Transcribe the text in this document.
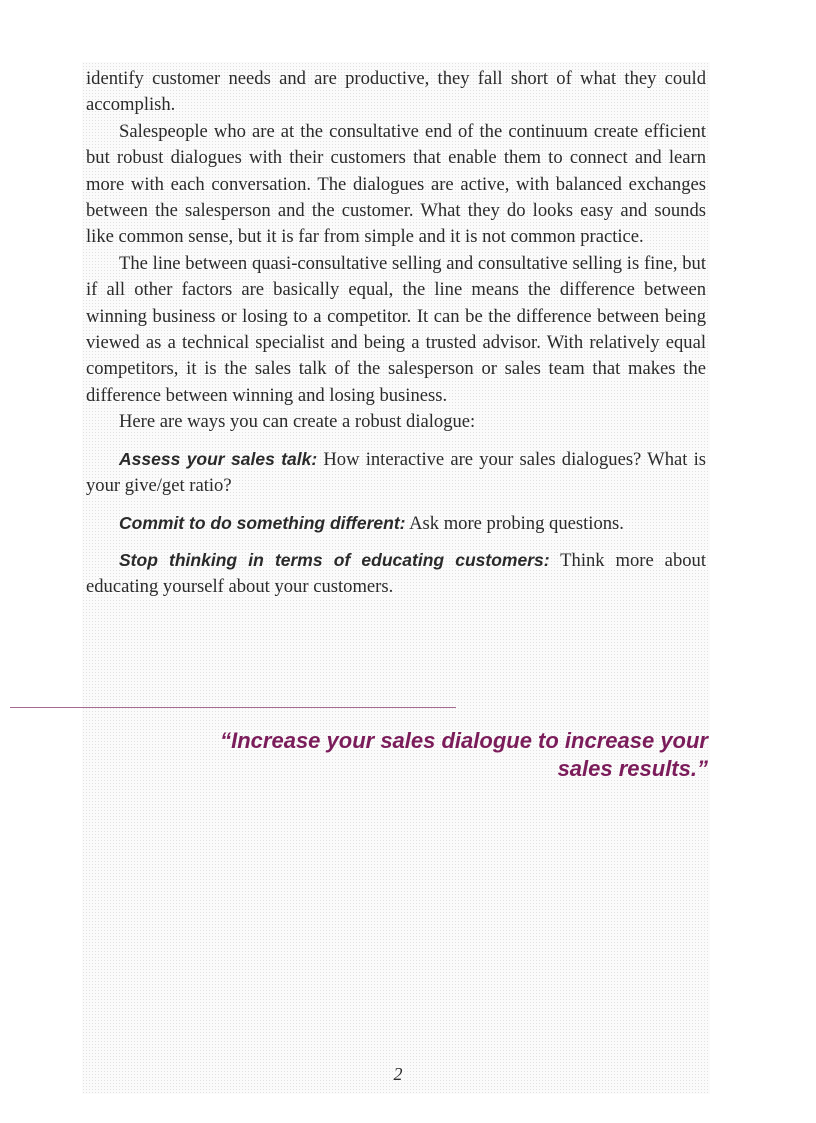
identify customer needs and are productive, they fall short of what they could accomplish.

Salespeople who are at the consultative end of the continuum create efficient but robust dialogues with their customers that enable them to connect and learn more with each conversation. The dialogues are active, with balanced exchanges between the salesperson and the customer. What they do looks easy and sounds like common sense, but it is far from simple and it is not common practice.

The line between quasi-consultative selling and consultative selling is fine, but if all other factors are basically equal, the line means the difference between winning business or losing to a competitor. It can be the difference between being viewed as a technical specialist and being a trusted advisor. With relatively equal competitors, it is the sales talk of the salesperson or sales team that makes the difference between winning and losing business.

Here are ways you can create a robust dialogue:

Assess your sales talk: How interactive are your sales dialogues? What is your give/get ratio?

Commit to do something different: Ask more probing questions.

Stop thinking in terms of educating customers: Think more about educating yourself about your customers.

“Increase your sales dialogue to increase your sales results.”
2
